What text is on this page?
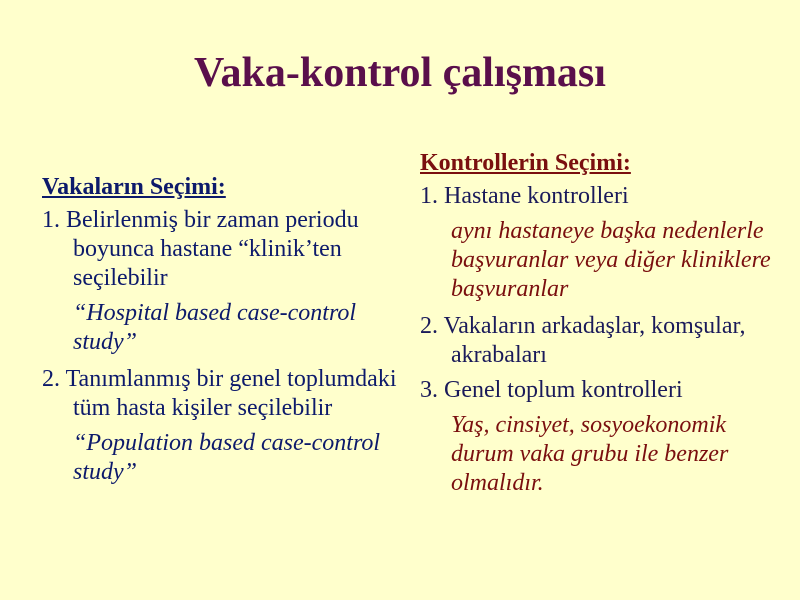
Vaka-kontrol çalışması
Vakaların Seçimi:
1. Belirlenmiş bir zaman periodu boyunca hastane “klinik’ten seçilebilir
“Hospital based case-control study”
2. Tanımlanmış bir genel toplumdaki tüm hasta kişiler seçilebilir
“Population based case-control study”
Kontrollerin Seçimi:
1. Hastane kontrolleri
aynı hastaneye başka nedenlerle başvuranlar veya diğer kliniklere başvuranlar
2. Vakaların arkadaşlar, komşular, akrabaları
3. Genel toplum kontrolleri
Yaş, cinsiyet, sosyoekonomik durum vaka grubu ile benzer olmalıdır.
